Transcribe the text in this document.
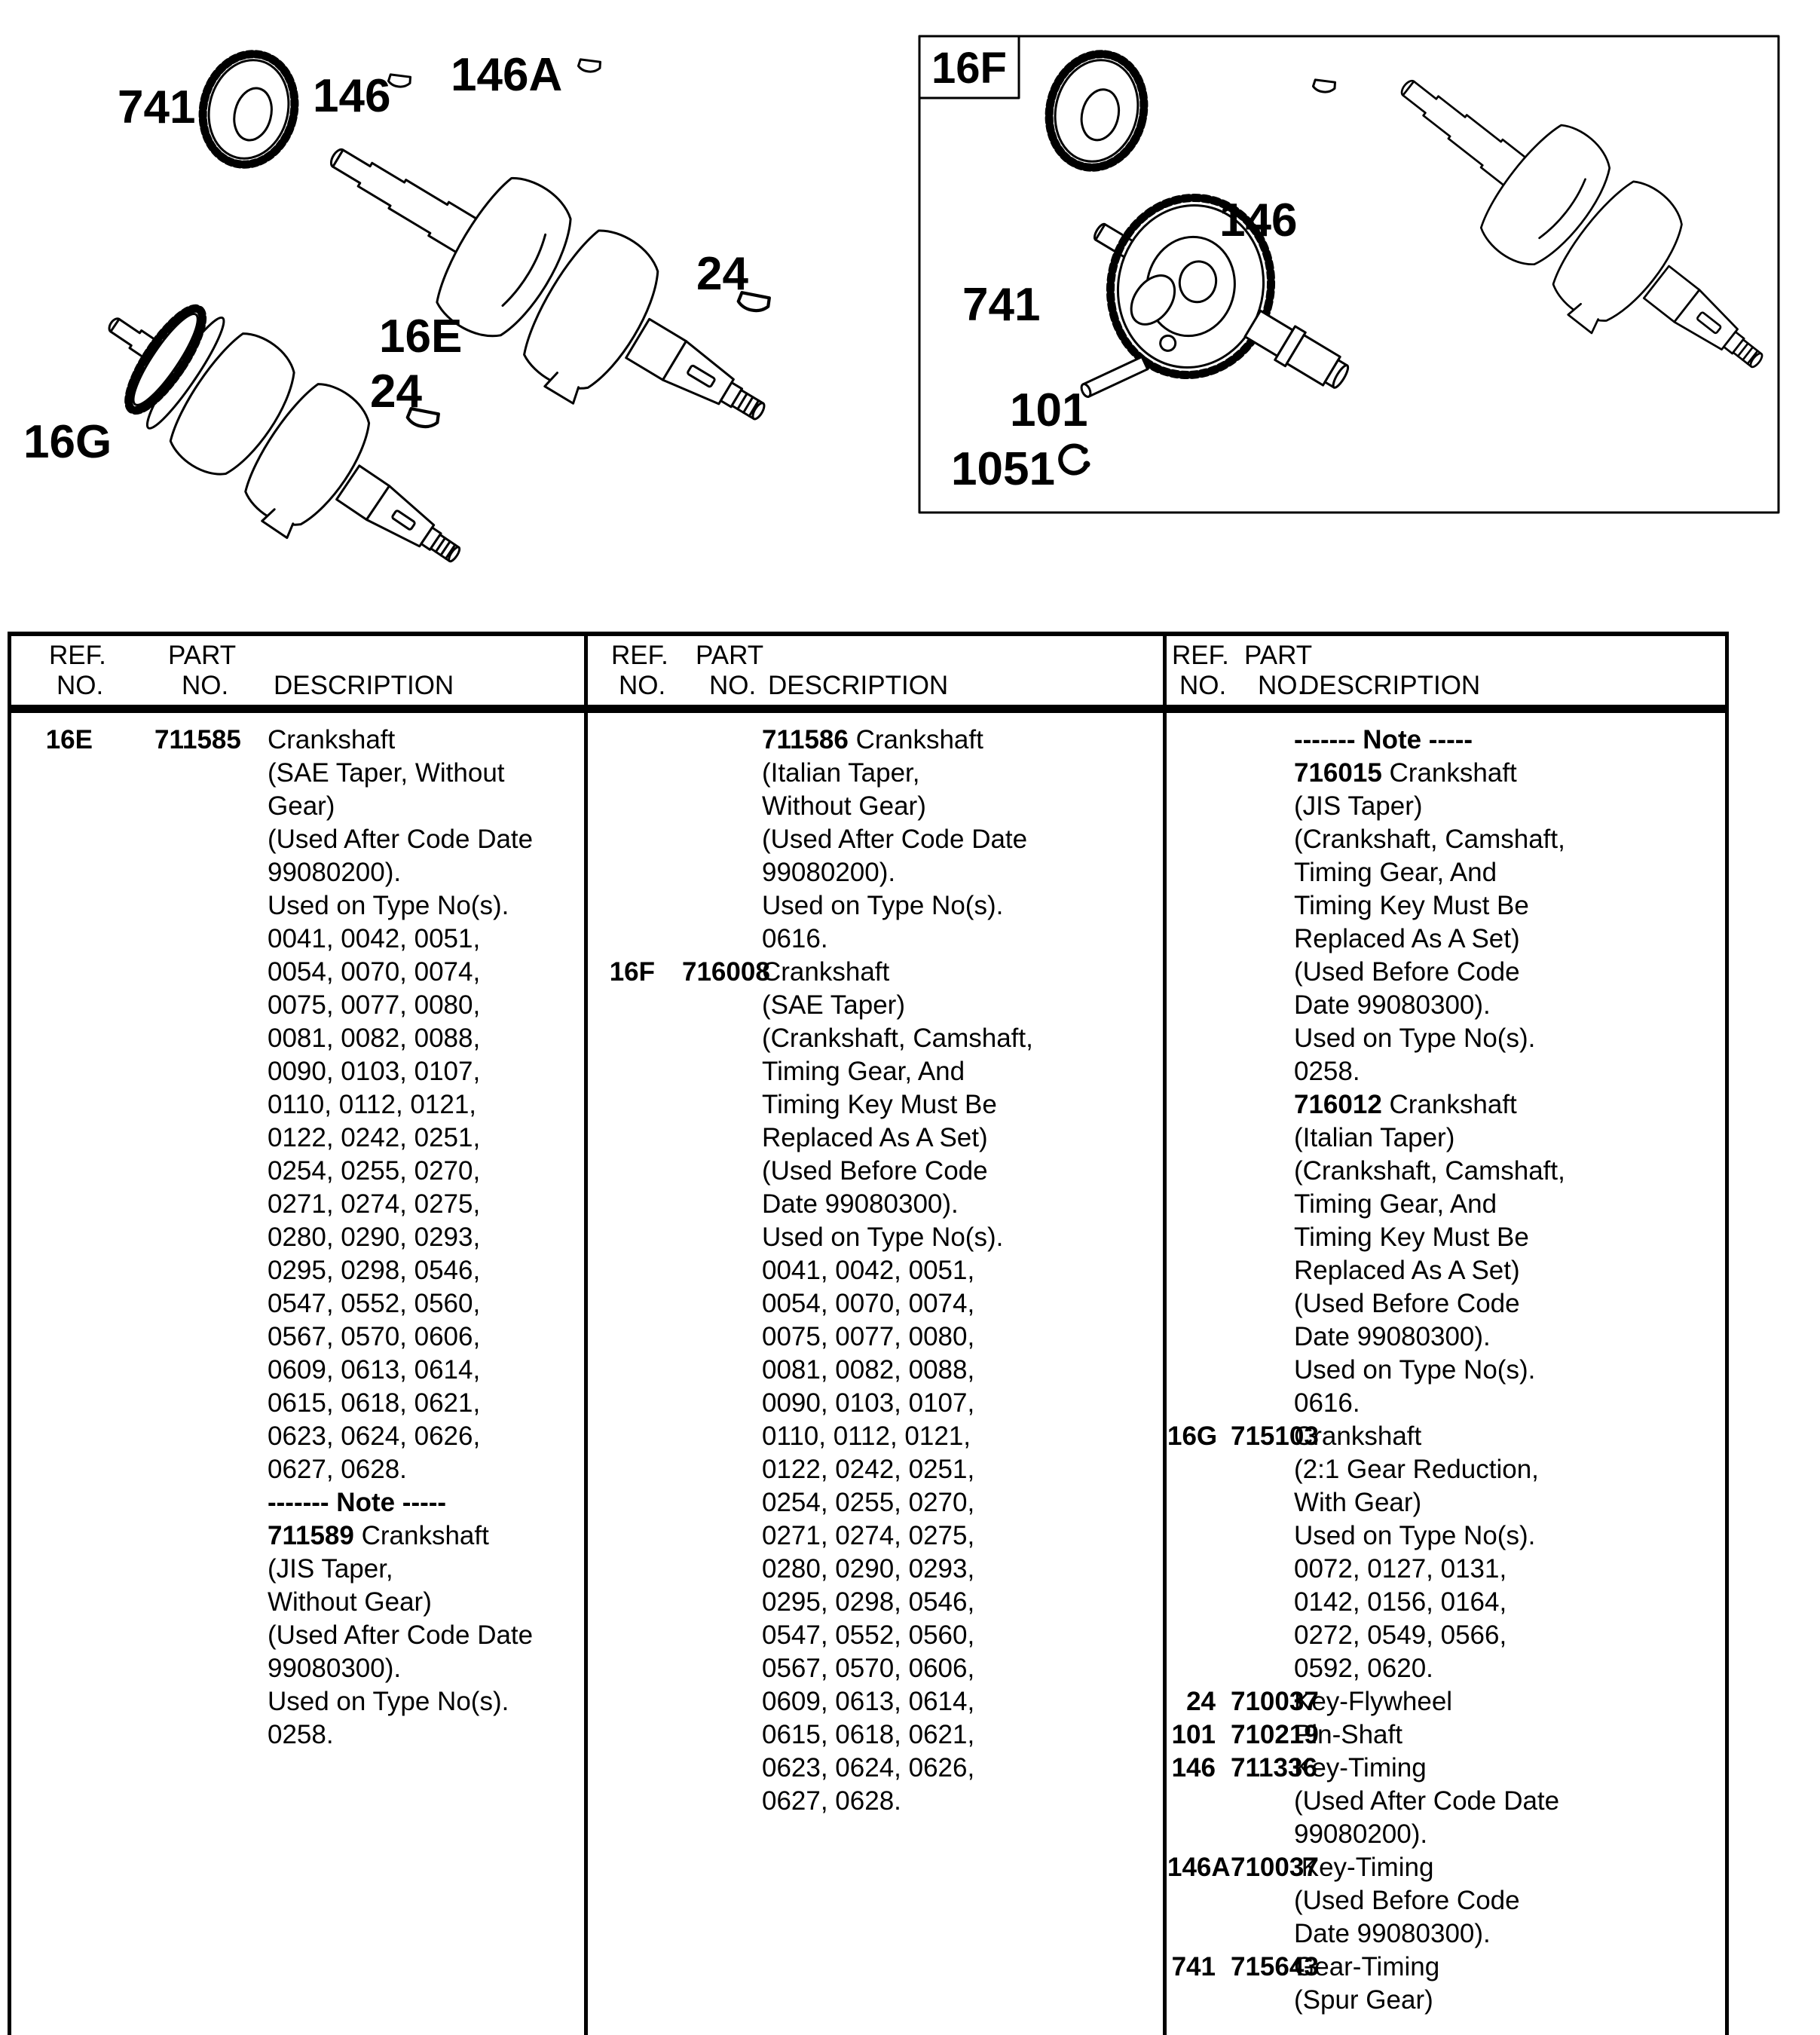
741	146 146A
24
16E
24
16G
16F
741
146
101
1051
REF.
NO.
PART
NO. DESCRIPTION
16E 711585 Crankshaft
(SAE Taper, Without
Gear)
(Used After Code Date
99080200).
Used on Type No(s).
0041, 0042, 0051,
0054, 0070, 0074,
0075, 0077, 0080,
0081, 0082, 0088,
0090, 0103, 0107,
0110, 0112, 0121,
0122, 0242, 0251,
0254, 0255, 0270,
0271, 0274, 0275,
0280, 0290, 0293,
0295, 0298, 0546,
0547, 0552, 0560,
0567, 0570, 0606,
0609, 0613, 0614,
0615, 0618, 0621,
0623, 0624, 0626,
0627, 0628.
------- Note -----
711589 Crankshaft
(JIS Taper,
Without Gear)
(Used After Code Date
99080300).
Used on Type No(s).
0258.
REF.
NO.
PART
NO. DESCRIPTION
711586 Crankshaft
(Italian Taper,
Without Gear)
(Used After Code Date
99080200).
Used on Type No(s).
0616.
16F 716008
Crankshaft
(SAE Taper)
(Crankshaft, Camshaft,
Timing Gear, And
Timing Key Must Be
Replaced As A Set)
(Used Before Code
Date 99080300).
Used on Type No(s).
0041, 0042, 0051,
0054, 0070, 0074,
0075, 0077, 0080,
0081, 0082, 0088,
0090, 0103, 0107,
0110, 0112, 0121,
0122, 0242, 0251,
0254, 0255, 0270,
0271, 0274, 0275,
0280, 0290, 0293,
0295, 0298, 0546,
0547, 0552, 0560,
0567, 0570, 0606,
0609, 0613, 0614,
0615, 0618, 0621,
0623, 0624, 0626,
0627, 0628.
REF.
NO.
PART
NO.
DESCRIPTION
------- Note -----
716015 Crankshaft
(JIS Taper)
(Crankshaft, Camshaft,
Timing Gear, And
Timing Key Must Be
Replaced As A Set)
(Used Before Code
Date 99080300).
Used on Type No(s).
0258.
716012 Crankshaft
(Italian Taper)
(Crankshaft, Camshaft,
Timing Gear, And
Timing Key Must Be
Replaced As A Set)
(Used Before Code
Date 99080300).
Used on Type No(s).
0616.
16G 715103
Crankshaft
(2:1 Gear Reduction,
With Gear)
Used on Type No(s).
0072, 0127, 0131,
0142, 0156, 0164,
0272, 0549, 0566,
0592, 0620.
24 710037
Key-Flywheel
101 710219
Pin-Shaft
146 711336
Key-Timing
(Used After Code Date
99080200).
146A 710037
Key-Timing
(Used Before Code
Date 99080300).
741 715643
Gear-Timing
(Spur Gear)
